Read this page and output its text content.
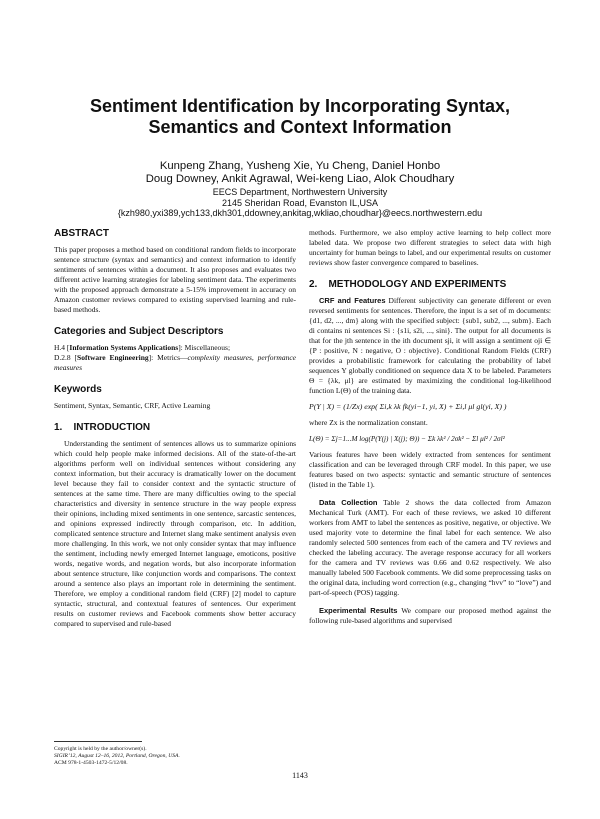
Sentiment Identification by Incorporating Syntax,
Semantics and Context Information
Kunpeng Zhang, Yusheng Xie, Yu Cheng, Daniel Honbo
Doug Downey, Ankit Agrawal, Wei-keng Liao, Alok Choudhary
EECS Department, Northwestern University
2145 Sheridan Road, Evanston IL,USA
{kzh980,yxi389,ych133,dkh301,ddowney,ankitag,wkliao,choudhar}@eecs.northwestern.edu
ABSTRACT

This paper proposes a method based on conditional random fields to incorporate sentence structure (syntax and semantics) and context information to identify sentiments of sentences within a document. It also proposes and evaluates two different active learning strategies for labeling sentiment data. The experiments with the proposed approach demonstrate a 5-15% improvement in accuracy on Amazon customer reviews compared to existing supervised learning and rule-based methods.

Categories and Subject Descriptors

H.4 [Information Systems Applications]: Miscellaneous;
D.2.8 [Software Engineering]: Metrics—complexity measures, performance measures

Keywords

Sentiment, Syntax, Semantic, CRF, Active Learning

1.    INTRODUCTION

Understanding the sentiment of sentences allows us to summarize opinions which could help people make informed decisions. All of the state-of-the-art algorithms perform well on individual sentences without considering any context information, but their accuracy is dramatically lower on the document level because they fail to consider context and the syntactic structure of sentences at the same time. There are many difficulties owing to the special characteristics and diversity in sentence structure in the way people express their opinions, including mixed sentiments in one sentence, sarcastic sentences, and opinions expressed indirectly through comparison, etc. In addition, complicated sentence structure and Internet slang make sentiment analysis even more challenging. In this work, we not only consider syntax that may influence the sentiment, including newly emerged Internet language, emoticons, positive words, negative words, and negation words, but also incorporate information about sentence structure, like conjunction words and comparisons. The context around a sentence also plays an important role in determining the sentiment. Therefore, we employ a conditional random field (CRF) [2] model to capture syntactic, structural, and contextual features of sentences. Our experiment results on customer reviews and Facebook comments show better accuracy compared to supervised and rule-based

methods. Furthermore, we also employ active learning to help collect more labeled data. We propose two different strategies to select data with high uncertainty for human beings to label, and our experimental results on customer reviews show faster convergence compared to baselines.

2.    METHODOLOGY AND EXPERIMENTS

CRF and Features Different subjectivity can generate different or even reversed sentiments for sentences. Therefore, the input is a set of m documents: {d1, d2, ..., dm} along with the specified subject: {sub1, sub2, ..., subm}. Each di contains ni sentences Si : {s1i, s2i, ..., sini}. The output for all documents is that for the jth sentence in the ith document sji, it will assign a sentiment oji ∈ {P : positive, N : negative, O : objective}. Conditional Random Fields (CRF) provides a probabilistic framework for calculating the probability of label sequences Y globally conditioned on sequence data X to be labeled. Parameters Θ = {λk, μl} are estimated by maximizing the conditional log-likelihood function L(Θ) of the training data.

P(Y | X) = (1/Zx) exp( Σi,k λk fk(yi−1, yi, X) + Σi,l μl gl(yi, X) )

where Zx is the normalization constant.

L(Θ) = Σj=1...M log(P(Y(j) | X(j); Θ)) − Σk λk² / 2σk² − Σl μl² / 2σl²

Various features have been widely extracted from sentences for sentiment classification and can be leveraged through CRF model. In this paper, we use features based on two aspects: syntactic and semantic structure of sentences (listed in the Table 1).

Data Collection Table 2 shows the data collected from Amazon Mechanical Turk (AMT). For each of these reviews, we asked 10 different workers from AMT to label the sentences as positive, negative, or objective. We used majority vote to determine the final label for each sentence. We also randomly selected 500 sentences from each of the camera and TV reviews and checked the labeling accuracy. The average response accuracy for all workers for the camera and TV reviews was 0.66 and 0.62 respectively. We also manually labeled 500 Facebook comments. We did some preprocessing tasks on the original data, including word correction (e.g., changing “hvv” to “love”) and part-of-speech (POS) tagging.

Experimental Results We compare our proposed method against the following rule-based algorithms and supervised

Copyright is held by the author/owner(s).
SIGIR’12, August 12–16, 2012, Portland, Oregon, USA.
ACM 978-1-4503-1472-5/12/08.
1143
